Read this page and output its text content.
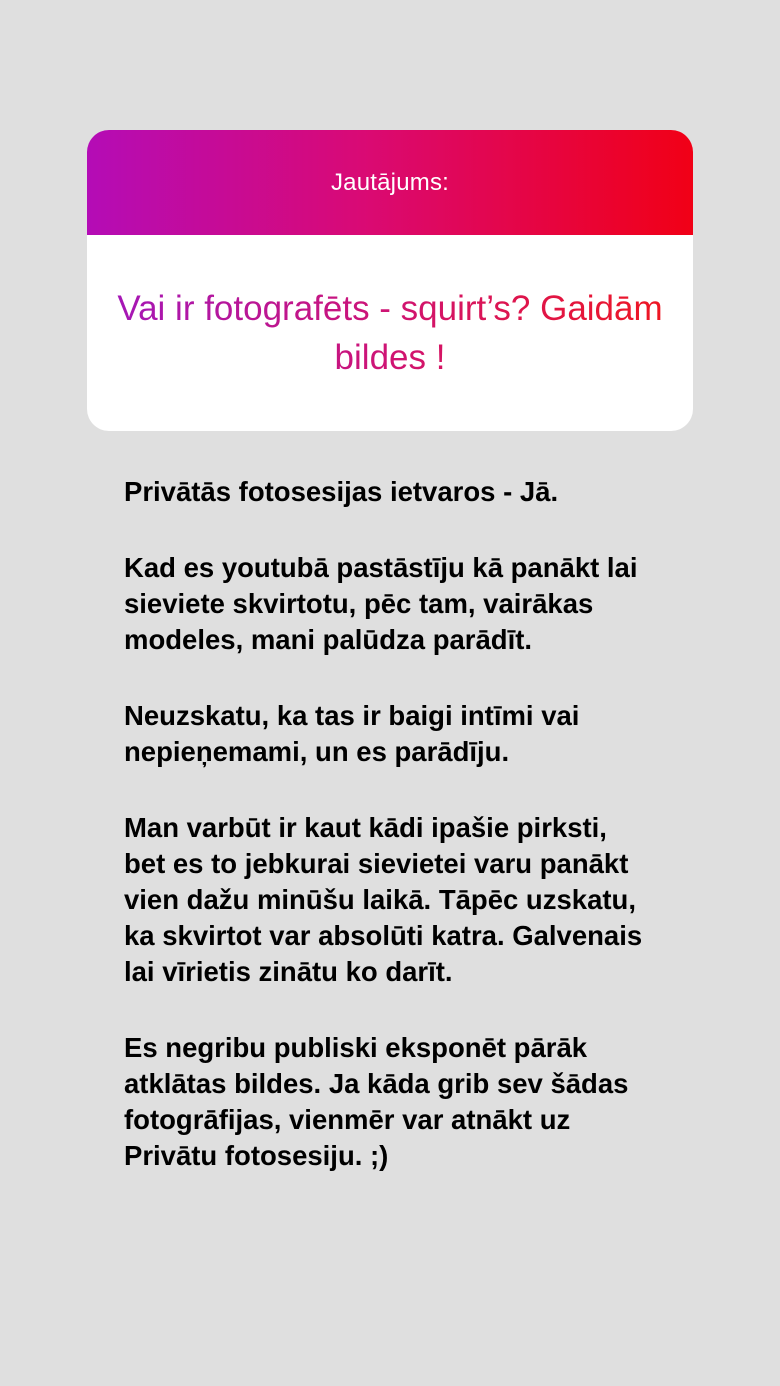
Jautājums:

Vai ir fotografēts - squirt’s? Gaidām bildes !

Privātās fotosesijas ietvaros - Jā.

Kad es youtubā pastāstīju kā panākt lai
sieviete skvirtotu, pēc tam, vairākas
modeles, mani palūdza parādīt.

Neuzskatu, ka tas ir baigi intīmi vai
nepieņemami, un es parādīju.

Man varbūt ir kaut kādi ipašie pirksti,
bet es to jebkurai sievietei varu panākt
vien dažu minūšu laikā. Tāpēc uzskatu,
ka skvirtot var absolūti katra. Galvenais
lai vīrietis zinātu ko darīt.

Es negribu publiski eksponēt pārāk
atklātas bildes. Ja kāda grib sev šādas
fotogrāfijas, vienmēr var atnākt uz
Privātu fotosesiju. ;)
